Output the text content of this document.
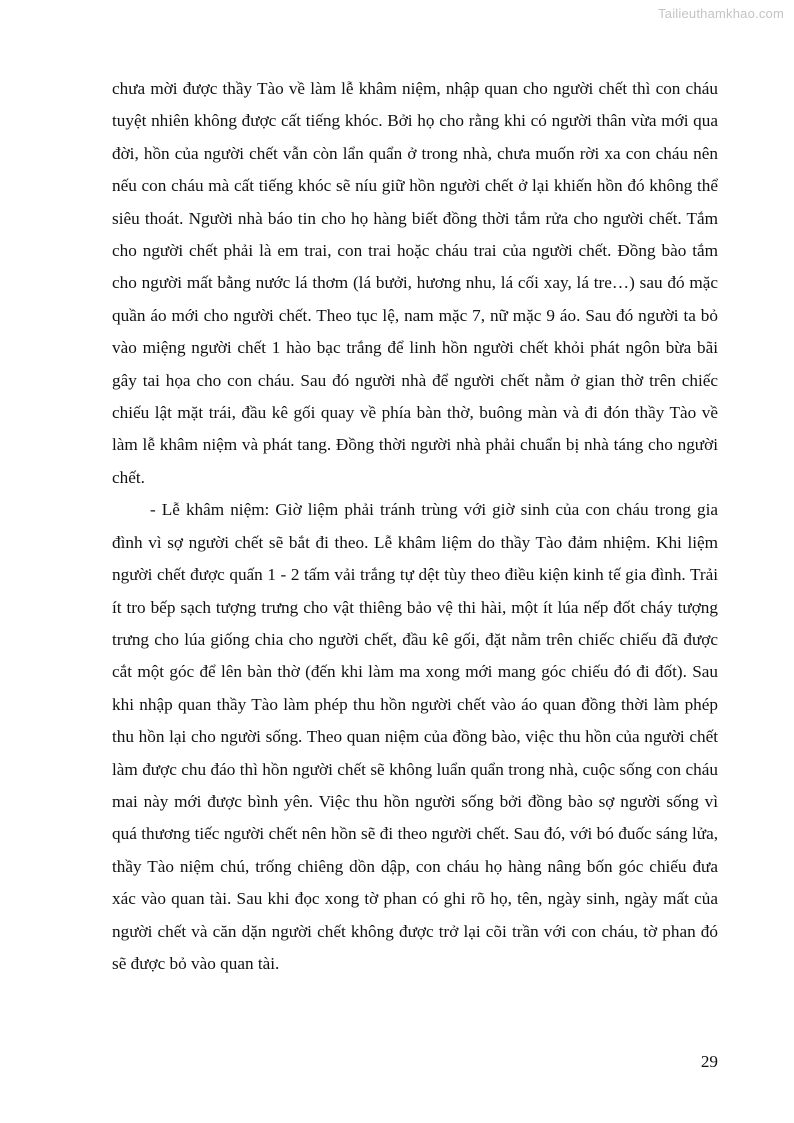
Tailieuthamkhao.com

chưa mời được thầy Tào về làm lễ khâm niệm, nhập quan cho người chết thì con cháu tuyệt nhiên không được cất tiếng khóc. Bởi họ cho rằng khi có người thân vừa mới qua đời, hồn của người chết vẫn còn lẩn quẩn ở trong nhà, chưa muốn rời xa con cháu nên nếu con cháu mà cất tiếng khóc sẽ níu giữ hồn người chết ở lại khiến hồn đó không thể siêu thoát. Người nhà báo tin cho họ hàng biết đồng thời tắm rửa cho người chết. Tắm cho người chết phải là em trai, con trai hoặc cháu trai của người chết. Đồng bào tắm cho người mất bằng nước lá thơm (lá bưởi, hương nhu, lá cối xay, lá tre…) sau đó mặc quần áo mới cho người chết. Theo tục lệ, nam mặc 7, nữ mặc 9 áo. Sau đó người ta bỏ vào miệng người chết 1 hào bạc trắng để linh hồn người chết khỏi phát ngôn bừa bãi gây tai họa cho con cháu. Sau đó người nhà để người chết nằm ở gian thờ trên chiếc chiếu lật mặt trái, đầu kê gối quay về phía bàn thờ, buông màn và đi đón thầy Tào về làm lễ khâm niệm và phát tang. Đồng thời người nhà phải chuẩn bị nhà táng cho người chết.

- Lễ khâm niệm: Giờ liệm phải tránh trùng với giờ sinh của con cháu trong gia đình vì sợ người chết sẽ bắt đi theo. Lễ khâm liệm do thầy Tào đảm nhiệm. Khi liệm người chết được quấn 1 - 2 tấm vải trắng tự dệt tùy theo điều kiện kinh tế gia đình. Trải ít tro bếp sạch tượng trưng cho vật thiêng bảo vệ thi hài, một ít lúa nếp đốt cháy tượng trưng cho lúa giống chia cho người chết, đầu kê gối, đặt nằm trên chiếc chiếu đã được cắt một góc để lên bàn thờ (đến khi làm ma xong mới mang góc chiếu đó đi đốt). Sau khi nhập quan thầy Tào làm phép thu hồn người chết vào áo quan đồng thời làm phép thu hồn lại cho người sống. Theo quan niệm của đồng bào, việc thu hồn của người chết làm được chu đáo thì hồn người chết sẽ không luẩn quẩn trong nhà, cuộc sống con cháu mai này mới được bình yên. Việc thu hồn người sống bởi đồng bào sợ người sống vì quá thương tiếc người chết nên hồn sẽ đi theo người chết. Sau đó, với bó đuốc sáng lửa, thầy Tào niệm chú, trống chiêng dồn dập, con cháu họ hàng nâng bốn góc chiếu đưa xác vào quan tài. Sau khi đọc xong tờ phan có ghi rõ họ, tên, ngày sinh, ngày mất của người chết và căn dặn người chết không được trở lại cõi trần với con cháu, tờ phan đó sẽ được bỏ vào quan tài.

29
